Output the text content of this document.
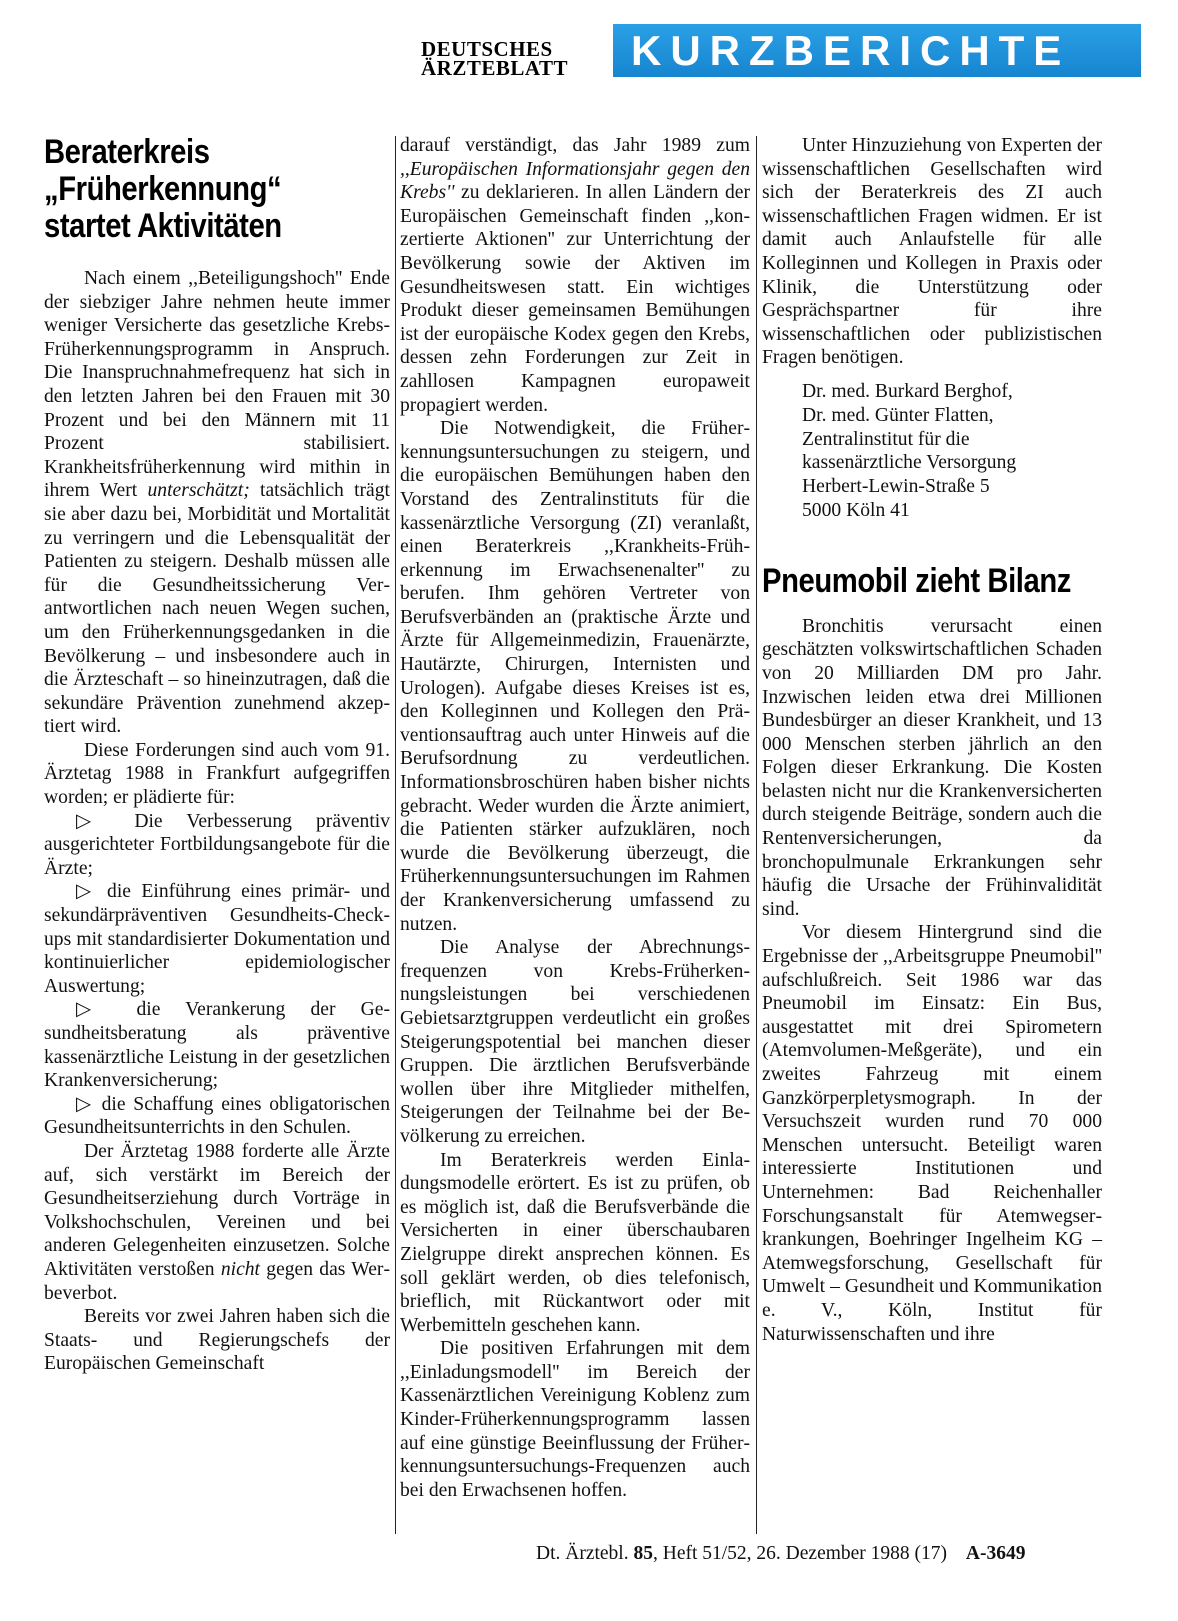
DEUTSCHES
ÄRZTEBLATT	KURZBERICHTE
Beraterkreis
„Früherkennung“
startet Aktivitäten

Nach einem ,,Beteiligungshoch'' Ende der siebziger Jahre nehmen heute immer weniger Versicherte das gesetzliche Krebs-Früherkennungsprogramm in Anspruch. Die Inanspruchnahmefrequenz hat sich in den letzten Jahren bei den Frauen mit 30 Prozent und bei den Männern mit 11 Prozent stabilisiert. Krankheitsfrüherkennung wird mithin in ihrem Wert unterschätzt; tatsächlich trägt sie aber dazu bei, Morbidität und Mortalität zu verringern und die Lebensqualität der Patienten zu steigern. Deshalb müssen alle für die Gesundheitssicherung Verantwortlichen nach neuen Wegen suchen, um den Früherkennungsgedanken in die Bevölkerung – und insbesondere auch in die Ärzteschaft – so hineinzutragen, daß die sekundäre Prävention zunehmend akzeptiert wird.

Diese Forderungen sind auch vom 91. Ärztetag 1988 in Frankfurt aufgegriffen worden; er plädierte für:

▷ Die Verbesserung präventiv ausgerichteter Fortbildungsangebote für die Ärzte;

▷ die Einführung eines primär- und sekundärpräventiven Gesundheits-Check-ups mit standardisierter Dokumentation und kontinuierlicher epidemiologischer Auswertung;

▷ die Verankerung der Gesundheitsberatung als präventive kassenärztliche Leistung in der gesetzlichen Krankenversicherung;

▷ die Schaffung eines obligatorischen Gesundheitsunterrichts in den Schulen.

Der Ärztetag 1988 forderte alle Ärzte auf, sich verstärkt im Bereich der Gesundheitserziehung durch Vorträge in Volkshochschulen, Vereinen und bei anderen Gelegenheiten einzusetzen. Solche Aktivitäten verstoßen nicht gegen das Werbeverbot.

Bereits vor zwei Jahren haben sich die Staats- und Regierungschefs der Europäischen Gemeinschaft

darauf verständigt, das Jahr 1989 zum ,,Europäischen Informationsjahr gegen den Krebs'' zu deklarieren. In allen Ländern der Europäischen Gemeinschaft finden ,,konzertierte Aktionen'' zur Unterrichtung der Bevölkerung sowie der Aktiven im Gesundheitswesen statt. Ein wichtiges Produkt dieser gemeinsamen Bemühungen ist der europäische Kodex gegen den Krebs, dessen zehn Forderungen zur Zeit in zahllosen Kampagnen europaweit propagiert werden.

Die Notwendigkeit, die Früherkennungsuntersuchungen zu steigern, und die europäischen Bemühungen haben den Vorstand des Zentralinstituts für die kassenärztliche Versorgung (ZI) veranlaßt, einen Beraterkreis ,,Krankheits-Früherkennung im Erwachsenenalter'' zu berufen. Ihm gehören Vertreter von Berufsverbänden an (praktische Ärzte und Ärzte für Allgemeinmedizin, Frauenärzte, Hautärzte, Chirurgen, Internisten und Urologen). Aufgabe dieses Kreises ist es, den Kolleginnen und Kollegen den Präventionsauftrag auch unter Hinweis auf die Berufsordnung zu verdeutlichen. Informationsbroschüren haben bisher nichts gebracht. Weder wurden die Ärzte animiert, die Patienten stärker aufzuklären, noch wurde die Bevölkerung überzeugt, die Früherkennungsuntersuchungen im Rahmen der Krankenversicherung umfassend zu nutzen.

Die Analyse der Abrechnungsfrequenzen von Krebs-Früherkennungsleistungen bei verschiedenen Gebietsarztgruppen verdeutlicht ein großes Steigerungspotential bei manchen dieser Gruppen. Die ärztlichen Berufsverbände wollen über ihre Mitglieder mithelfen, Steigerungen der Teilnahme bei der Bevölkerung zu erreichen.

Im Beraterkreis werden Einladungsmodelle erörtert. Es ist zu prüfen, ob es möglich ist, daß die Berufsverbände die Versicherten in einer überschaubaren Zielgruppe direkt ansprechen können. Es soll geklärt werden, ob dies telefonisch, brieflich, mit Rückantwort oder mit Werbemitteln geschehen kann.

Die positiven Erfahrungen mit dem ,,Einladungsmodell'' im Bereich der Kassenärztlichen Vereinigung Koblenz zum Kinder-Früherkennungsprogramm lassen auf eine günstige Beeinflussung der Früherkennungsuntersuchungs-Frequenzen auch bei den Erwachsenen hoffen.

Unter Hinzuziehung von Experten der wissenschaftlichen Gesellschaften wird sich der Beraterkreis des ZI auch wissenschaftlichen Fragen widmen. Er ist damit auch Anlaufstelle für alle Kolleginnen und Kollegen in Praxis oder Klinik, die Unterstützung oder Gesprächspartner für ihre wissenschaftlichen oder publizistischen Fragen benötigen.

Dr. med. Burkard Berghof,
Dr. med. Günter Flatten,
Zentralinstitut für die
kassenärztliche Versorgung
Herbert-Lewin-Straße 5
5000 Köln 41
Pneumobil zieht Bilanz

Bronchitis verursacht einen geschätzten volkswirtschaftlichen Schaden von 20 Milliarden DM pro Jahr. Inzwischen leiden etwa drei Millionen Bundesbürger an dieser Krankheit, und 13 000 Menschen sterben jährlich an den Folgen dieser Erkrankung. Die Kosten belasten nicht nur die Krankenversicherten durch steigende Beiträge, sondern auch die Rentenversicherungen, da bronchopulmunale Erkrankungen sehr häufig die Ursache der Frühinvalidität sind.

Vor diesem Hintergrund sind die Ergebnisse der ,,Arbeitsgruppe Pneumobil'' aufschlußreich. Seit 1986 war das Pneumobil im Einsatz: Ein Bus, ausgestattet mit drei Spirometern (Atemvolumen-Meßgeräte), und ein zweites Fahrzeug mit einem Ganzkörperpletysmograph. In der Versuchszeit wurden rund 70 000 Menschen untersucht. Beteiligt waren interessierte Institutionen und Unternehmen: Bad Reichenhaller Forschungsanstalt für Atemwegserkrankungen, Boehringer Ingelheim KG – Atemwegsforschung, Gesellschaft für Umwelt – Gesundheit und Kommunikation e. V., Köln, Institut für Naturwissenschaften und ihre

Dt. Ärztebl. 85, Heft 51/52, 26. Dezember 1988 (17) A-3649
